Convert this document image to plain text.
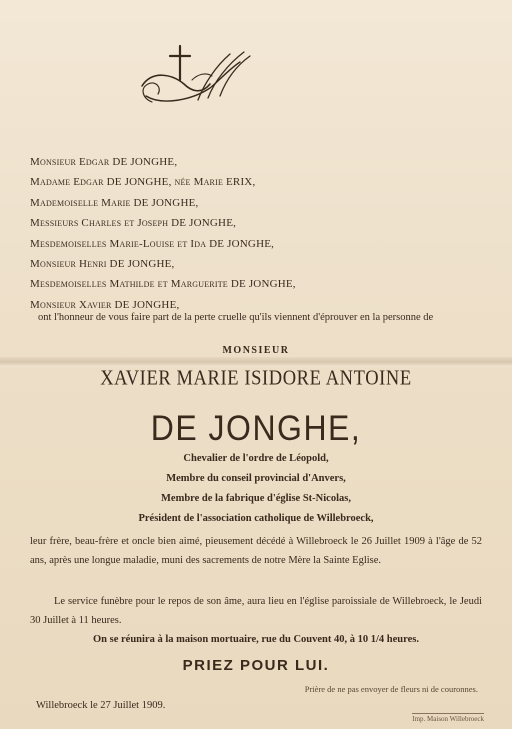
Monsieur Edgar DE JONGHE,
Madame Edgar DE JONGHE, née Marie ERIX,
Mademoiselle Marie DE JONGHE,
Messieurs Charles et Joseph DE JONGHE,
Mesdemoiselles Marie-Louise et Ida DE JONGHE,
Monsieur Henri DE JONGHE,
Mesdemoiselles Mathilde et Marguerite DE JONGHE,
Monsieur Xavier DE JONGHE,
ont l'honneur de vous faire part de la perte cruelle qu'ils viennent d'éprouver en la personne de
MONSIEUR
XAVIER MARIE ISIDORE ANTOINE
DE JONGHE,
Chevalier de l'ordre de Léopold,
Membre du conseil provincial d'Anvers,
Membre de la fabrique d'église St-Nicolas,
Président de l'association catholique de Willebroeck,
leur frère, beau-frère et oncle bien aimé, pieusement décédé à Willebroeck le 26 Juillet 1909 à l'âge de 52 ans, après une longue maladie, muni des sacrements de notre Mère la Sainte Eglise.
Le service funèbre pour le repos de son âme, aura lieu en l'église paroissiale de Willebroeck, le Jeudi 30 Juillet à 11 heures.
On se réunira à la maison mortuaire, rue du Couvent 40, à 10 1/4 heures.
PRIEZ POUR LUI.
Prière de ne pas envoyer de fleurs ni de couronnes.
Willebroeck le 27 Juillet 1909.
Imp. Maison Willebroeck
